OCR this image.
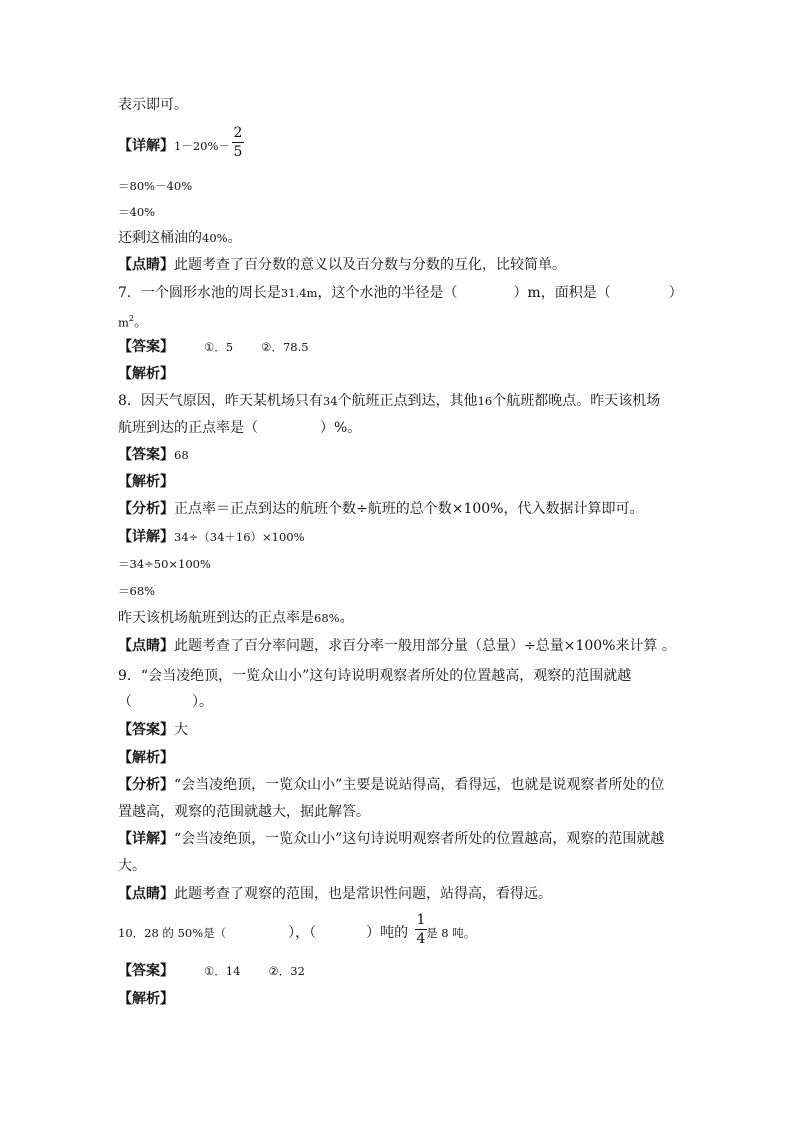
表示即可。
【详解】1－20%－
2
5
＝80%－40%
＝40%
还剩这桶油的40%。
【点睛】此题考查了百分数的意义以及百分数与分数的互化，比较简单。
7．一个圆形水池的周长是31.4m，这个水池的半径是（	）m，面积是（	）
$m^2$。
【答案】	①．5 ②．78.5
【解析】
8．因天气原因，昨天某机场只有34个航班正点到达，其他16个航班都晚点。昨天该机场
航班到达的正点率是（	）%。
【答案】68
【解析】
【分析】正点率＝正点到达的航班个数÷航班的总个数×100%，代入数据计算即可。
【详解】34÷（34＋16）×100%
＝34÷50×100%
＝68%
昨天该机场航班到达的正点率是68%。
【点睛】此题考查了百分率问题，求百分率一般用部分量（总量）÷总量×100%来计算 。
9．“会当凌绝顶，一览众山小”这句诗说明观察者所处的位置越高，观察的范围就越
（	）。
【答案】大
【解析】
【分析】“会当凌绝顶，一览众山小”主要是说站得高，看得远，也就是说观察者所处的位
置越高，观察的范围就越大，据此解答。
【详解】“会当凌绝顶，一览众山小”这句诗说明观察者所处的位置越高，观察的范围就越
大。
【点睛】此题考查了观察的范围，也是常识性问题，站得高，看得远。
10．28 的 50%是（	），（	）吨的 是 8 吨。
1
4
【答案】	①．14 ②．32
【解析】
